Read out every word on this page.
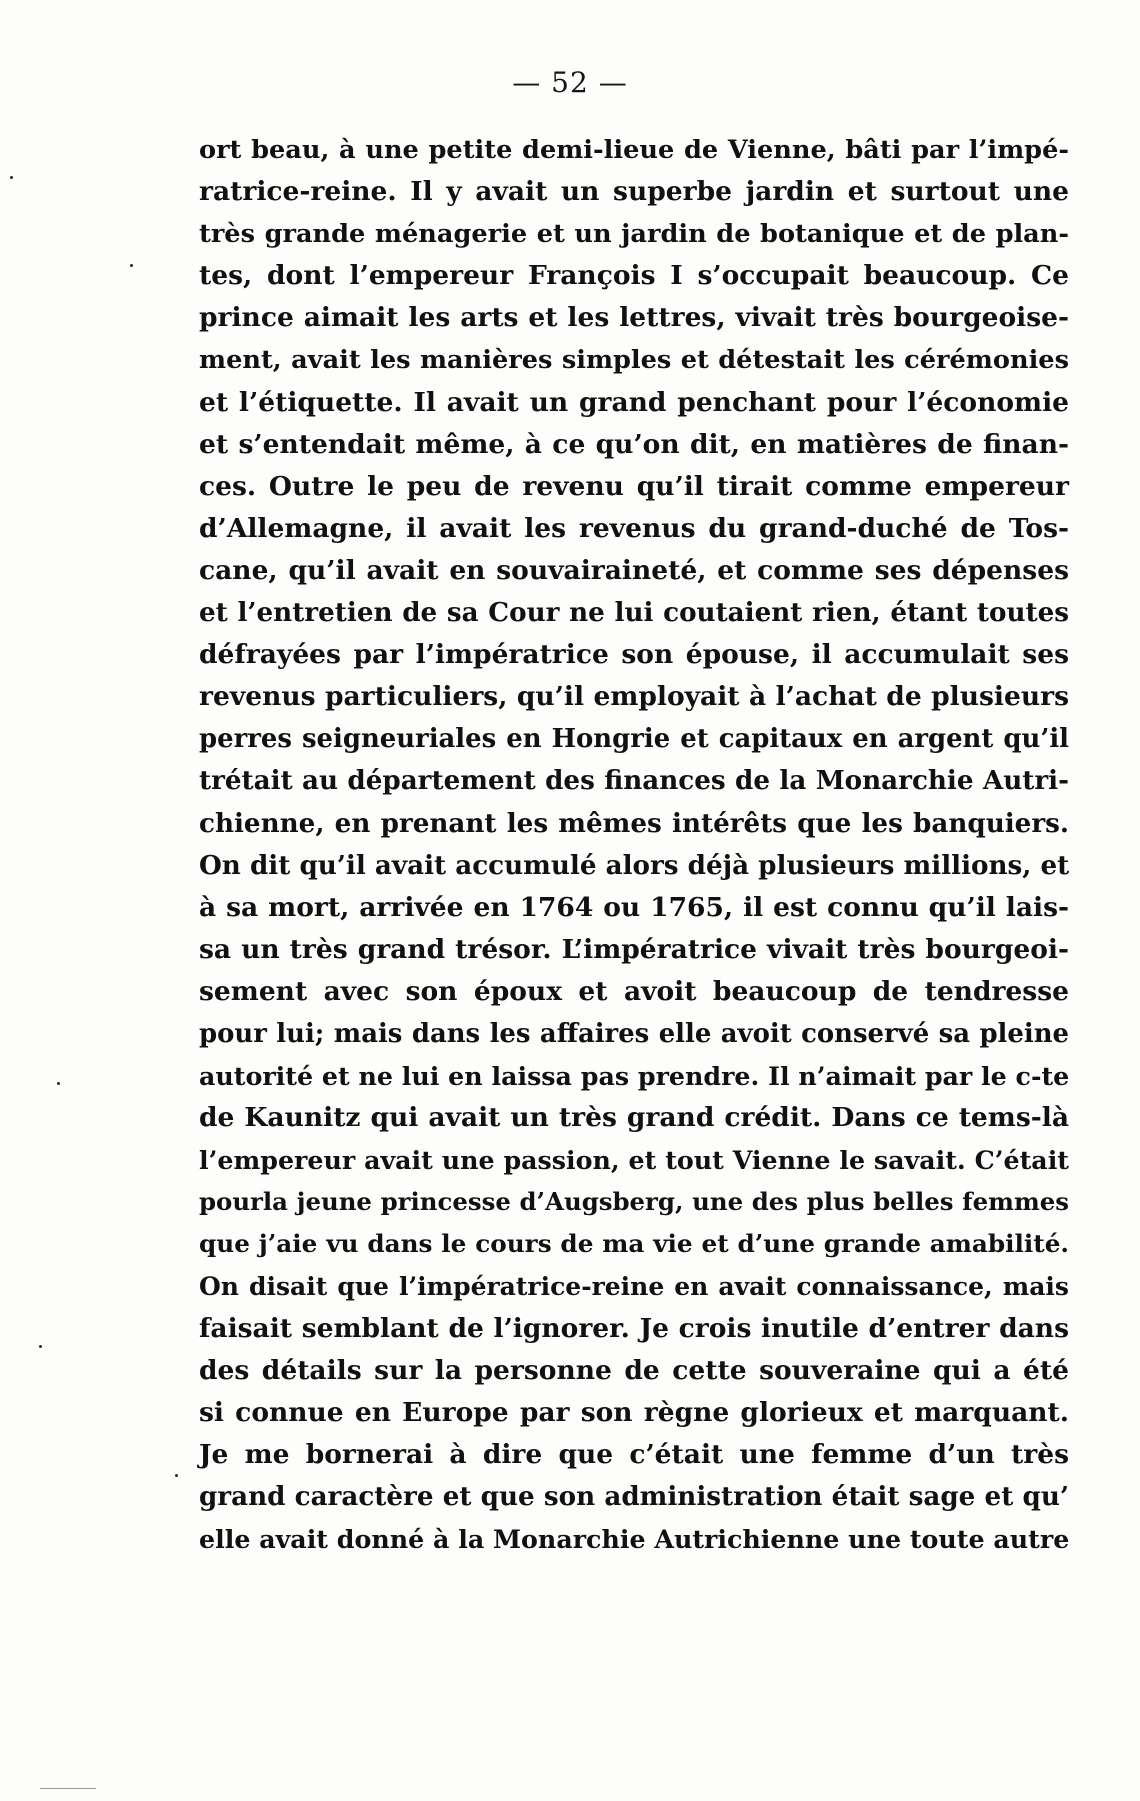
— 52 —
ort beau, à une petite demi-lieue de Vienne, bâti par l’impé-
ratrice-reine. Il y avait un superbe jardin et surtout une
très grande ménagerie et un jardin de botanique et de plan-
tes, dont l’empereur François I s’occupait beaucoup. Ce
prince aimait les arts et les lettres, vivait très bourgeoise-
ment, avait les manières simples et détestait les cérémonies
et l’étiquette. Il avait un grand penchant pour l’économie
et s’entendait même, à ce qu’on dit, en matières de finan-
ces. Outre le peu de revenu qu’il tirait comme empereur
d’Allemagne, il avait les revenus du grand-duché de Tos-
cane, qu’il avait en souvairaineté, et comme ses dépenses
et l’entretien de sa Cour ne lui coutaient rien, étant toutes
défrayées par l’impératrice son épouse, il accumulait ses
revenus particuliers, qu’il employait à l’achat de plusieurs
perres seigneuriales en Hongrie et capitaux en argent qu’il
trétait au département des finances de la Monarchie Autri-
chienne, en prenant les mêmes intérêts que les banquiers.
On dit qu’il avait accumulé alors déjà plusieurs millions, et
à sa mort, arrivée en 1764 ou 1765, il est connu qu’il lais-
sa un très grand trésor. L’impératrice vivait très bourgeoi-
sement avec son époux et avoit beaucoup de tendresse
pour lui; mais dans les affaires elle avoit conservé sa pleine
autorité et ne lui en laissa pas prendre. Il n’aimait par le c-te
de Kaunitz qui avait un très grand crédit. Dans ce tems-là
l’empereur avait une passion, et tout Vienne le savait. C’était
pourla jeune princesse d’Augsberg, une des plus belles femmes
que j’aie vu dans le cours de ma vie et d’une grande amabilité.
On disait que l’impératrice-reine en avait connaissance, mais
faisait semblant de l’ignorer. Je crois inutile d’entrer dans
des détails sur la personne de cette souveraine qui a été
si connue en Europe par son règne glorieux et marquant.
Je me bornerai à dire que c’était une femme d’un très
grand caractère et que son administration était sage et qu’
elle avait donné à la Monarchie Autrichienne une toute autre
